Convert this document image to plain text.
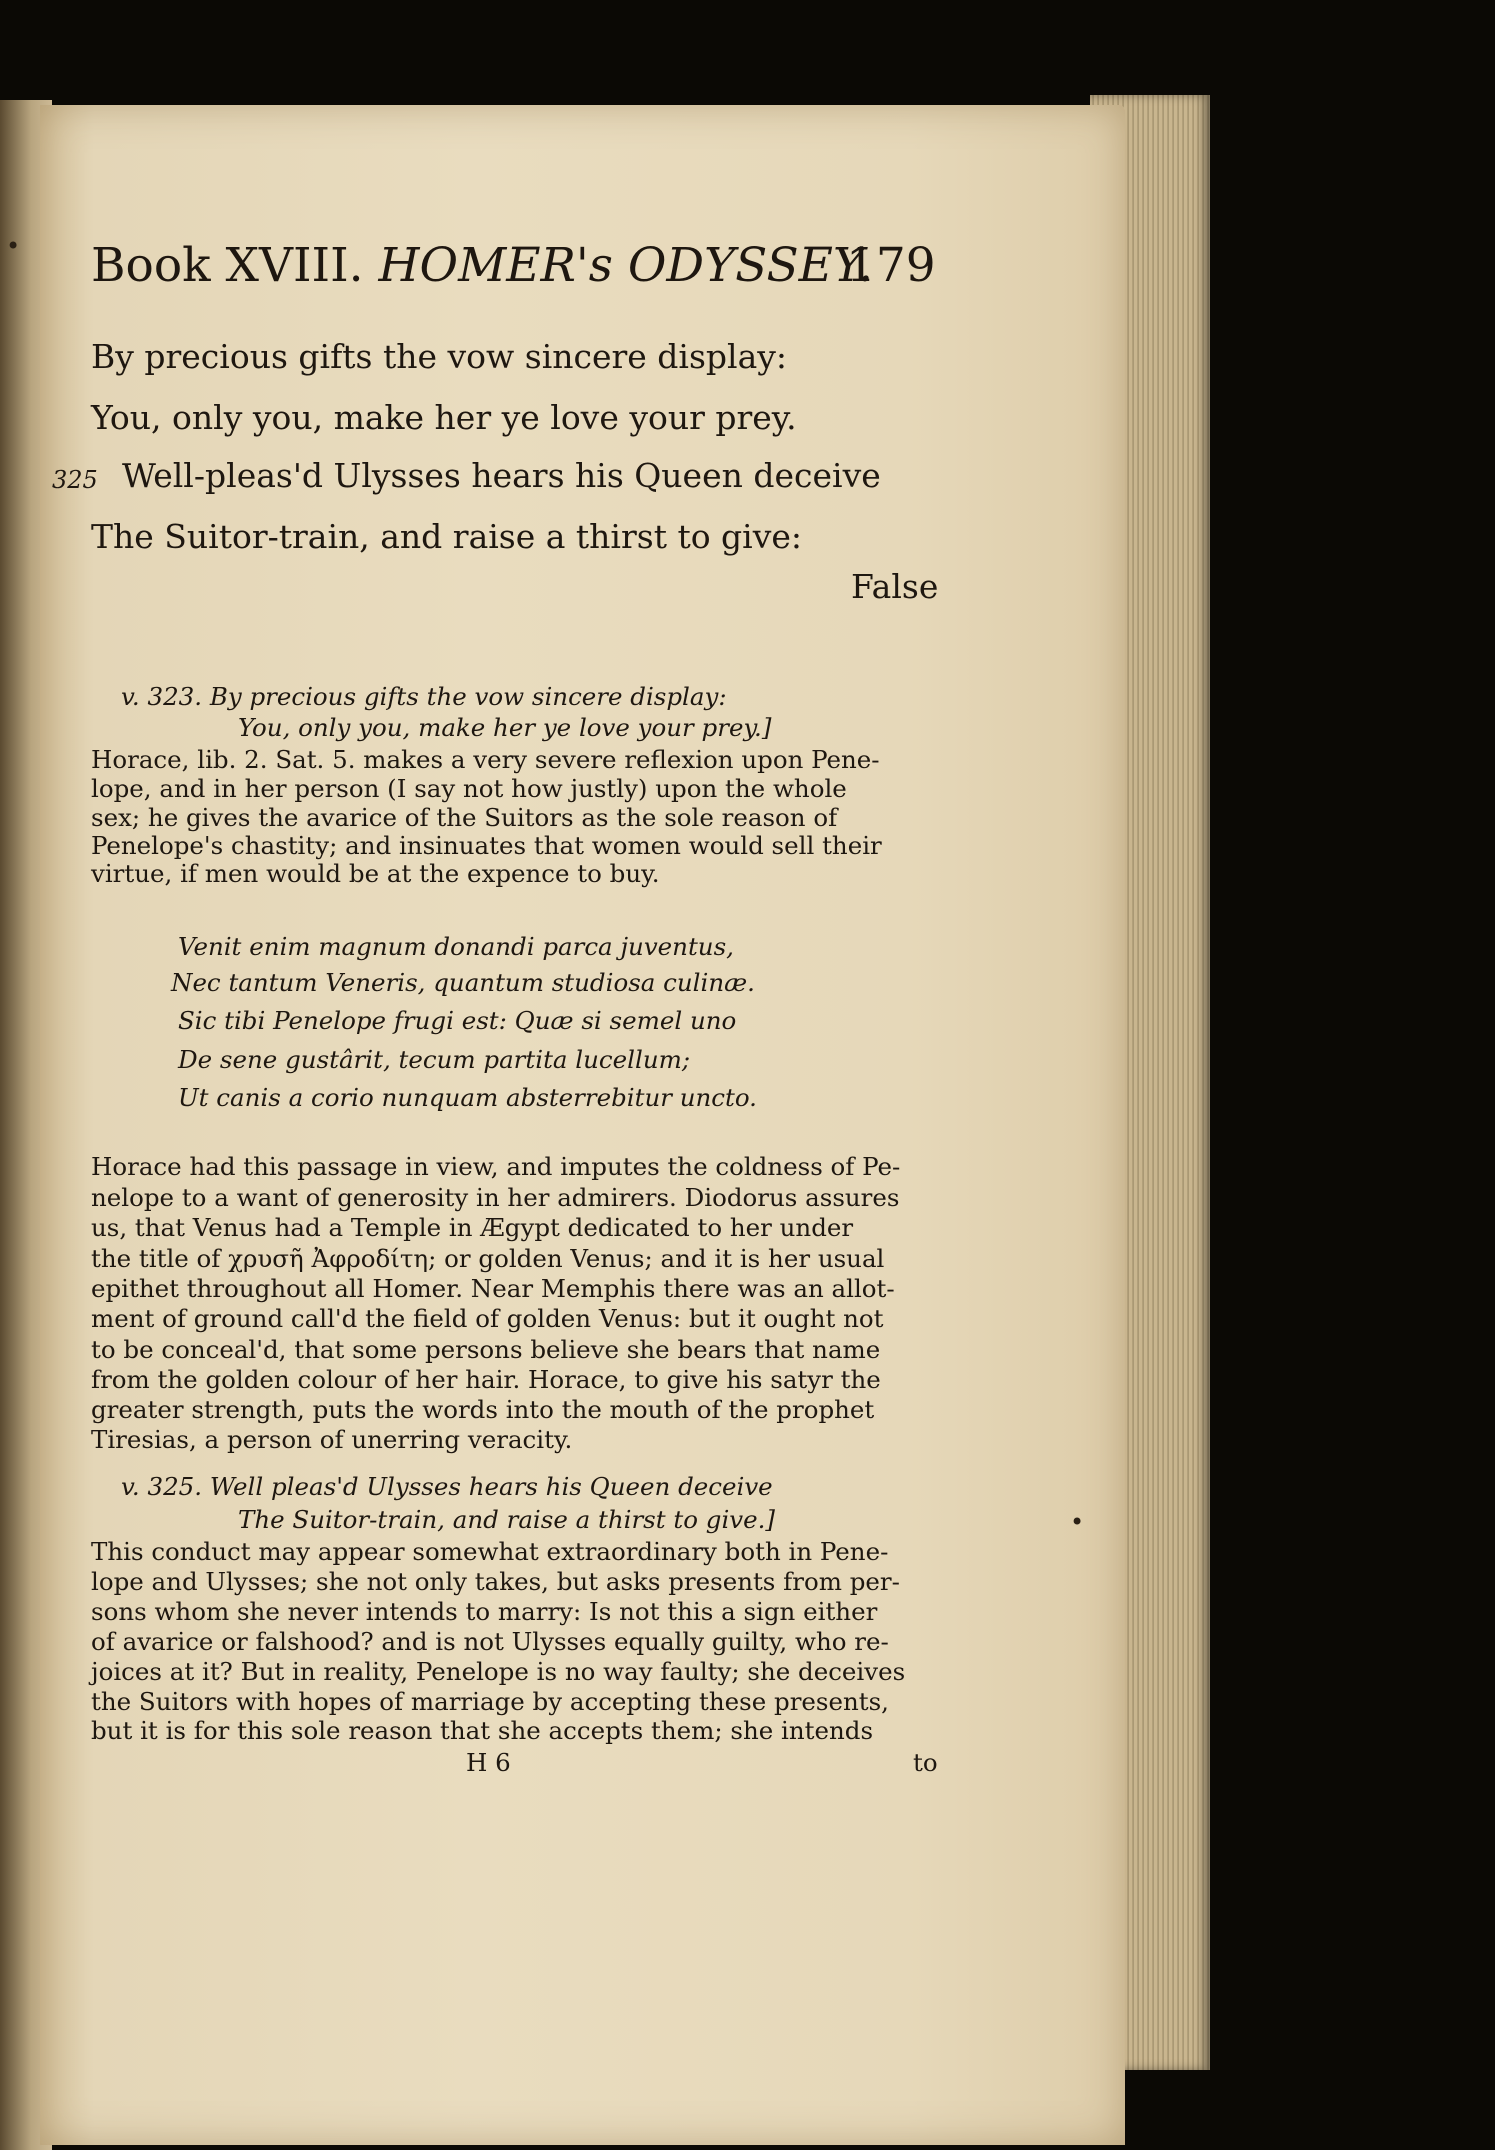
•
•
Book XVIII. HOMER's ODYSSEY.
179
By precious gifts the vow sincere display:
You, only you, make her ye love your prey.
Well-pleas'd Ulysses hears his Queen deceive
The Suitor-train, and raise a thirst to give:
325
False
v. 323. By precious gifts the vow sincere display:
You, only you, make her ye love your prey.]
Horace, lib. 2. Sat. 5. makes a very severe reflexion upon Pene-
lope, and in her person (I say not how justly) upon the whole
sex; he gives the avarice of the Suitors as the sole reason of
Penelope's chastity; and insinuates that women would sell their
virtue, if men would be at the expence to buy.
Venit enim magnum donandi parca juventus,
Nec tantum Veneris, quantum studiosa culinæ.
Sic tibi Penelope frugi est: Quæ si semel uno
De sene gustârit, tecum partita lucellum;
Ut canis a corio nunquam absterrebitur uncto.
Horace had this passage in view, and imputes the coldness of Pe-
nelope to a want of generosity in her admirers. Diodorus assures
us, that Venus had a Temple in Ægypt dedicated to her under
the title of χρυσῆ Ἀφροδίτη; or golden Venus; and it is her usual
epithet throughout all Homer. Near Memphis there was an allot-
ment of ground call'd the field of golden Venus: but it ought not
to be conceal'd, that some persons believe she bears that name
from the golden colour of her hair. Horace, to give his satyr the
greater strength, puts the words into the mouth of the prophet
Tiresias, a person of unerring veracity.
v. 325. Well pleas'd Ulysses hears his Queen deceive
The Suitor-train, and raise a thirst to give.]
This conduct may appear somewhat extraordinary both in Pene-
lope and Ulysses; she not only takes, but asks presents from per-
sons whom she never intends to marry: Is not this a sign either
of avarice or falshood? and is not Ulysses equally guilty, who re-
joices at it? But in reality, Penelope is no way faulty; she deceives
the Suitors with hopes of marriage by accepting these presents,
but it is for this sole reason that she accepts them; she intends
H 6	to
